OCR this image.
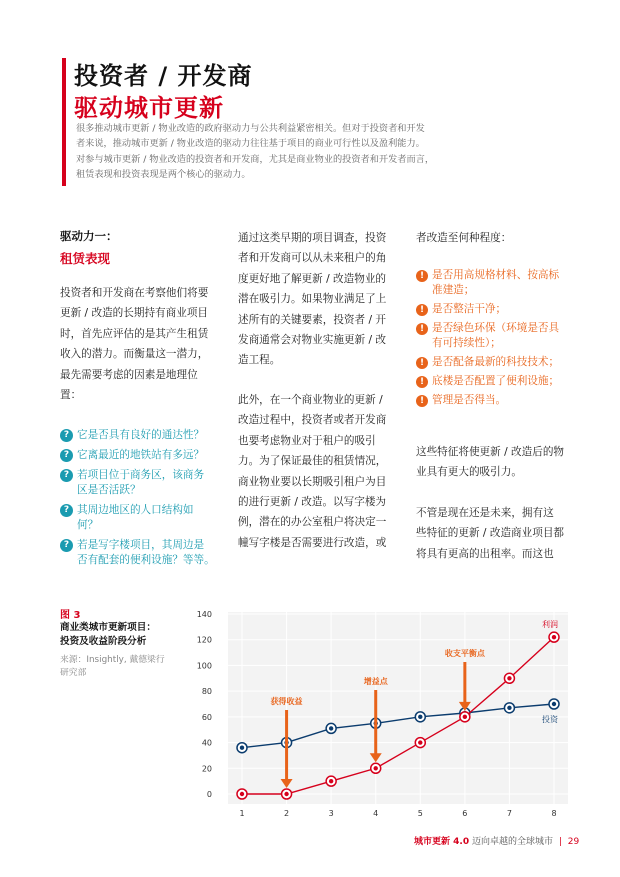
投资者 / 开发商
驱动城市更新

很多推动城市更新 / 物业改造的政府驱动力与公共利益紧密相关。但对于投资者和开发

者来说，推动城市更新 / 物业改造的驱动力往往基于项目的商业可行性以及盈利能力。

对参与城市更新 / 物业改造的投资者和开发商，尤其是商业物业的投资者和开发者而言，

租赁表现和投资表现是两个核心的驱动力。

驱动力一：
租赁表现

投资者和开发商在考察他们将要

更新 / 改造的长期持有商业项目

时，首先应评估的是其产生租赁

收入的潜力。而衡量这一潜力，

最先需要考虑的因素是地理位

置：

? 它是否具有良好的通达性？

? 它离最近的地铁站有多远？

? 若项目位于商务区，该商务

区是否活跃？

? 其周边地区的人口结构如

何？

? 若是写字楼项目，其周边是

否有配套的便利设施？等等。

通过这类早期的项目调查，投资

者和开发商可以从未来租户的角

度更好地了解更新 / 改造物业的

潜在吸引力。如果物业满足了上

述所有的关键要素，投资者 / 开

发商通常会对物业实施更新 / 改

造工程。

此外，在一个商业物业的更新 /

改造过程中，投资者或者开发商

也要考虑物业对于租户的吸引

力。为了保证最佳的租赁情况，

商业物业要以长期吸引租户为目

的进行更新 / 改造。以写字楼为

例，潜在的办公室租户将决定一

幢写字楼是否需要进行改造，或

者改造至何种程度：
! 是否用高规格材料、按高标

准建造；

! 是否整洁干净；

! 是否绿色环保（环境是否具

有可持续性）；

! 是否配备最新的科技技术；

! 底楼是否配置了便利设施；

! 管理是否得当。

这些特征将使更新 / 改造后的物

业具有更大的吸引力。

不管是现在还是未来，拥有这

些特征的更新 / 改造商业项目都

将具有更高的出租率。而这也

图 3

商业类城市更新项目：

投资及收益阶段分析

来源：Insightly, 戴德梁行

研究部

0
20
40
60
80
100
120
140
1	2	3	4	5	6	7	8
投资
利润
获得收益
增益点
收支平衡点
城市更新 4.0 迈向卓越的全球城市 | 29
